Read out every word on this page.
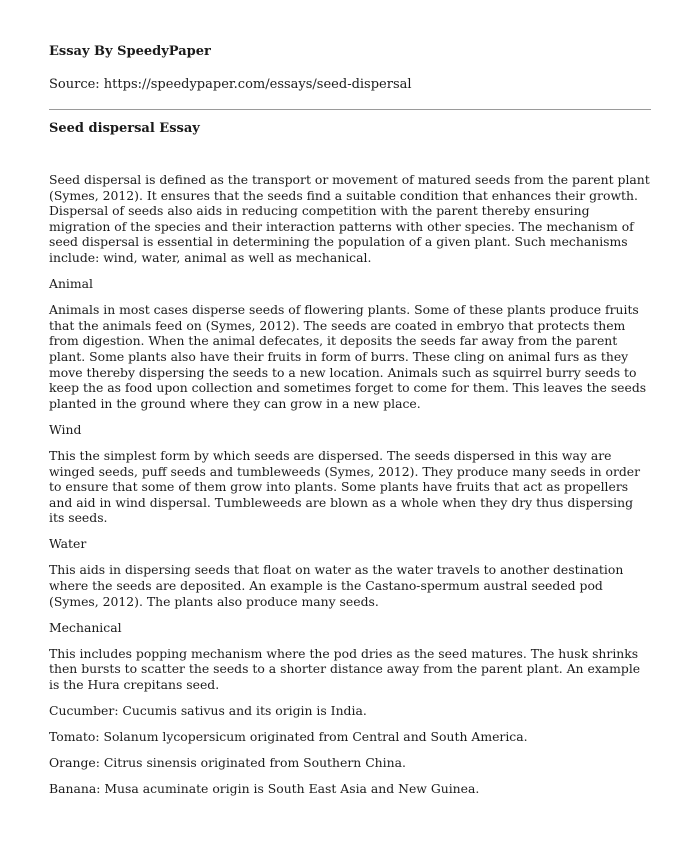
Essay By SpeedyPaper

Source: https://speedypaper.com/essays/seed-dispersal

Seed dispersal Essay

Seed dispersal is defined as the transport or movement of matured seeds from the parent plant (Symes, 2012). It ensures that the seeds find a suitable condition that enhances their growth. Dispersal of seeds also aids in reducing competition with the parent thereby ensuring migration of the species and their interaction patterns with other species. The mechanism of seed dispersal is essential in determining the population of a given plant. Such mechanisms include: wind, water, animal as well as mechanical.

Animal

Animals in most cases disperse seeds of flowering plants. Some of these plants produce fruits that the animals feed on (Symes, 2012). The seeds are coated in embryo that protects them from digestion. When the animal defecates, it deposits the seeds far away from the parent plant. Some plants also have their fruits in form of burrs. These cling on animal furs as they move thereby dispersing the seeds to a new location. Animals such as squirrel burry seeds to keep the as food upon collection and sometimes forget to come for them. This leaves the seeds planted in the ground where they can grow in a new place.

Wind

This the simplest form by which seeds are dispersed. The seeds dispersed in this way are winged seeds, puff seeds and tumbleweeds (Symes, 2012). They produce many seeds in order to ensure that some of them grow into plants. Some plants have fruits that act as propellers and aid in wind dispersal. Tumbleweeds are blown as a whole when they dry thus dispersing its seeds.

Water

This aids in dispersing seeds that float on water as the water travels to another destination where the seeds are deposited. An example is the Castano-spermum austral seeded pod (Symes, 2012). The plants also produce many seeds.

Mechanical

This includes popping mechanism where the pod dries as the seed matures. The husk shrinks then bursts to scatter the seeds to a shorter distance away from the parent plant. An example is the Hura crepitans seed.

Cucumber: Cucumis sativus and its origin is India.

Tomato: Solanum lycopersicum originated from Central and South America.

Orange: Citrus sinensis originated from Southern China.

Banana: Musa acuminate origin is South East Asia and New Guinea.
